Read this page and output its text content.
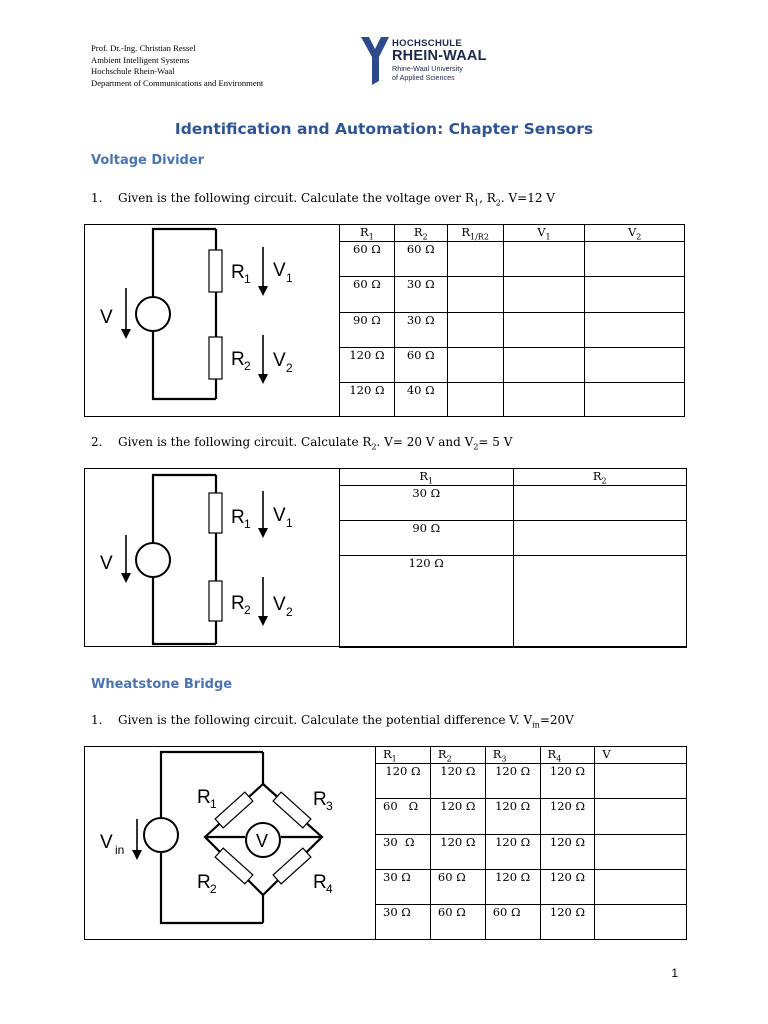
Prof. Dr.-Ing. Christian Ressel
Ambient Intelligent Systems
Hochschule Rhein-Waal
Department of Communications and Environment
HOCHSCHULE
RHEIN-WAAL
Rhine-Waal University
of Applied Sciences
Identification and Automation: Chapter Sensors
Voltage Divider
1. Given is the following circuit. Calculate the voltage over $R_1$, $R_2$. V=12 V
V
R 1 V 1
R 2 V 2
$R_1$	$R_2$	$R_{1/R2}$	$V_1$	$V_2$
60 Ω	60 Ω			
60 Ω	30 Ω			
90 Ω	30 Ω			
120 Ω	60 Ω			
120 Ω	40 Ω			
2. Given is the following circuit. Calculate $R_2$. V= 20 V and $V_2= 5$ V
V
R 1 V 1
R 2 V 2
$R_1$	$R_2$
30 Ω	
90 Ω	
120 Ω	
Wheatstone Bridge
1. Given is the following circuit. Calculate the potential difference V. $V_{in}=20V$
V
V in
R 1	R 3
R 2	R 4
$R_1$	$R_2$	$R_3$	$R_4$	V
120 Ω	120 Ω	120 Ω	120 Ω	
60   Ω	120 Ω	120 Ω	120 Ω	
30  Ω	120 Ω	120 Ω	120 Ω	
30 Ω	60 Ω	120 Ω	120 Ω	
30 Ω	60 Ω	60 Ω	120 Ω	
1
